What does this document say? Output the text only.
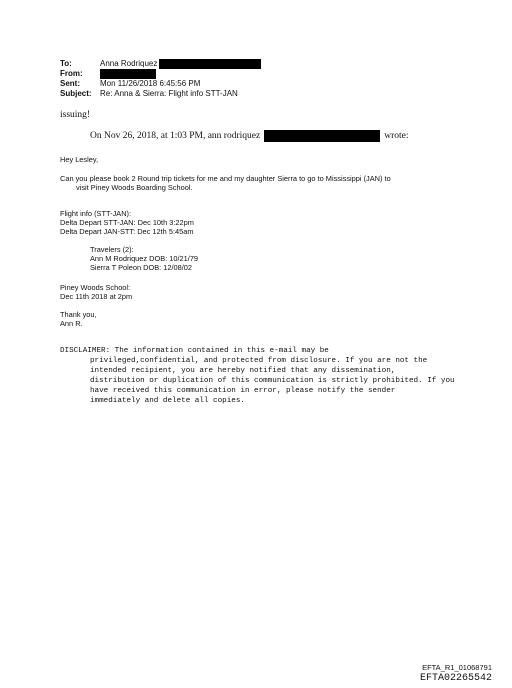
To:	Anna Rodriquez
From:
Sent:	Mon 11/26/2018 6:45:56 PM
Subject:	Re: Anna & Sierra: Flight info STT-JAN
issuing!
On Nov 26, 2018, at 1:03 PM, ann rodriquez	wrote:
Hey Lesley,
Can you please book 2 Round trip tickets for me and my daughter Sierra to go to Mississippi (JAN) to
visit Piney Woods Boarding School.
Flight info (STT-JAN):
Delta Depart STT-JAN: Dec 10th 3:22pm
Delta Depart JAN-STT: Dec 12th 5:45am
Travelers (2):
Ann M Rodriquez DOB: 10/21/79
Sierra T Poleon DOB: 12/08/02
Piney Woods School:
Dec 11th 2018 at 2pm
Thank you,
Ann R.
DISCLAIMER: The information contained in this e-mail may be
privileged,confidential, and protected from disclosure. If you are not the
intended recipient, you are hereby notified that any dissemination,
distribution or duplication of this communication is strictly prohibited. If you
have received this communication in error, please notify the sender
immediately and delete all copies.
EFTA_R1_01068791
EFTA02265542
